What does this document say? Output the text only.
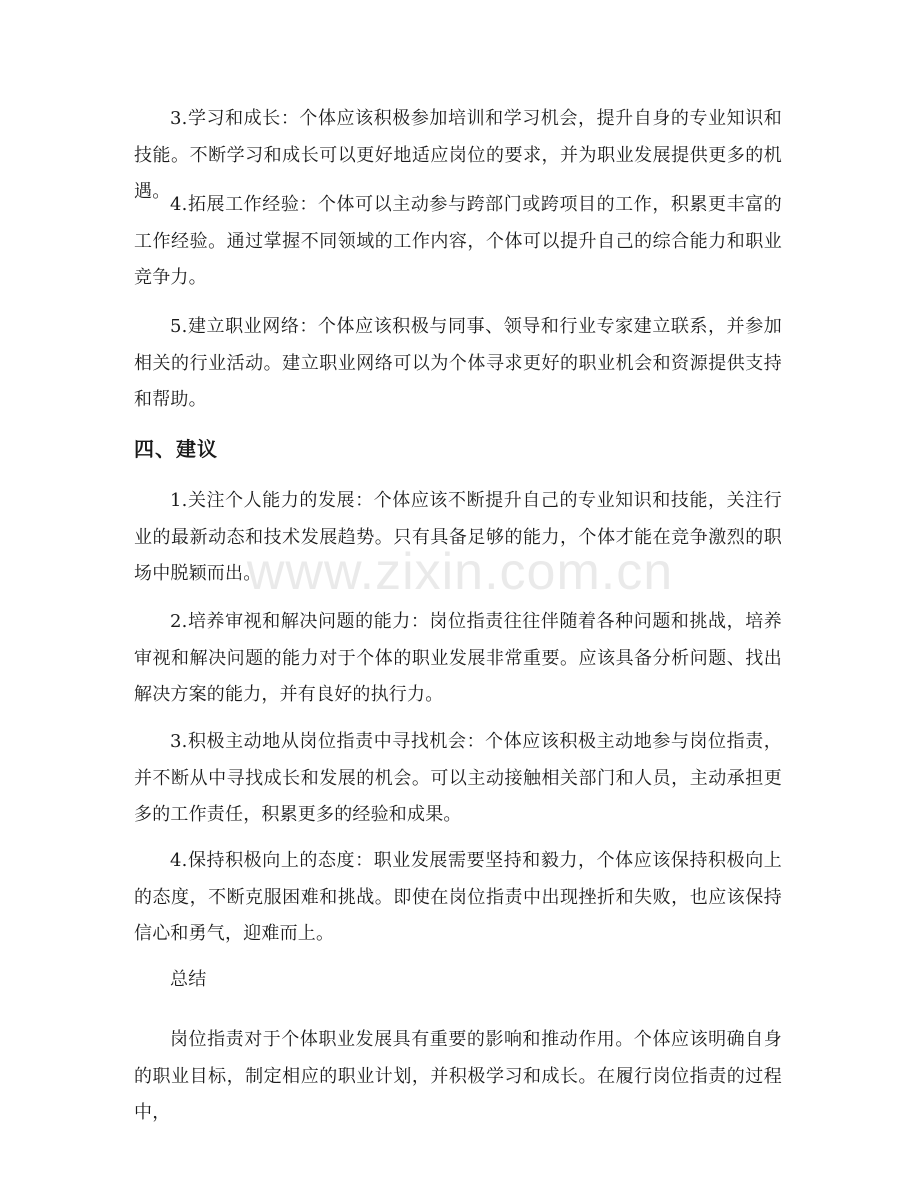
3.学习和成长：个体应该积极参加培训和学习机会，提升自身的专业知识和技能。不断学习和成长可以更好地适应岗位的要求，并为职业发展提供更多的机遇。

4.拓展工作经验：个体可以主动参与跨部门或跨项目的工作，积累更丰富的工作经验。通过掌握不同领域的工作内容，个体可以提升自己的综合能力和职业竞争力。

5.建立职业网络：个体应该积极与同事、领导和行业专家建立联系，并参加相关的行业活动。建立职业网络可以为个体寻求更好的职业机会和资源提供支持和帮助。

四、建议

1.关注个人能力的发展：个体应该不断提升自己的专业知识和技能，关注行业的最新动态和技术发展趋势。只有具备足够的能力，个体才能在竞争激烈的职场中脱颖而出。

2.培养审视和解决问题的能力：岗位指责往往伴随着各种问题和挑战，培养审视和解决问题的能力对于个体的职业发展非常重要。应该具备分析问题、找出解决方案的能力，并有良好的执行力。

3.积极主动地从岗位指责中寻找机会：个体应该积极主动地参与岗位指责，并不断从中寻找成长和发展的机会。可以主动接触相关部门和人员，主动承担更多的工作责任，积累更多的经验和成果。

4.保持积极向上的态度：职业发展需要坚持和毅力，个体应该保持积极向上的态度，不断克服困难和挑战。即使在岗位指责中出现挫折和失败，也应该保持信心和勇气，迎难而上。

总结

岗位指责对于个体职业发展具有重要的影响和推动作用。个体应该明确自身的职业目标，制定相应的职业计划，并积极学习和成长。在履行岗位指责的过程中，

www.zixin.com.cn
